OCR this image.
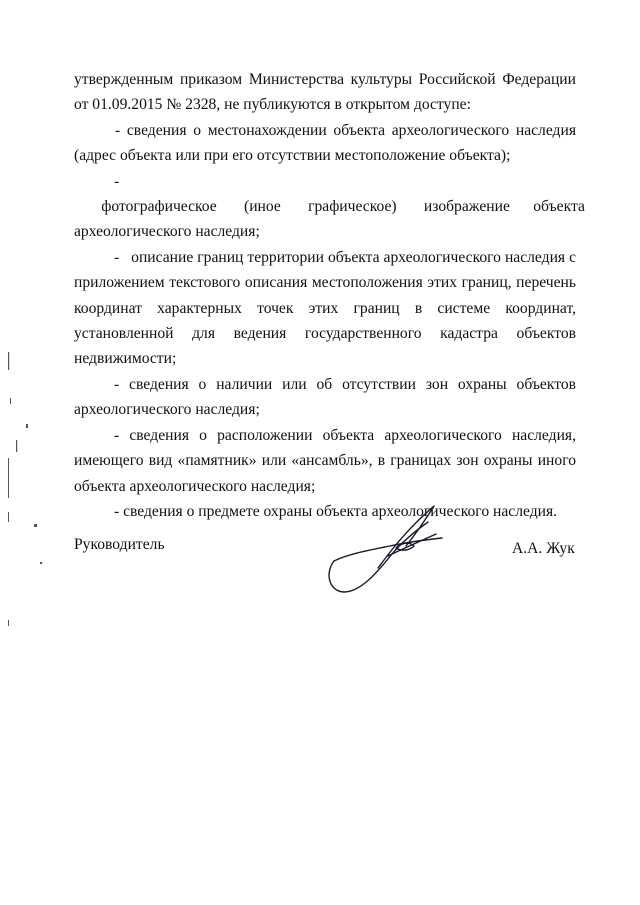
утвержденным приказом Министерства культуры Российской Федерации от 01.09.2015 № 2328, не публикуются в открытом доступе:

- сведения о местонахождении объекта археологического наследия (адрес объекта или при его отсутствии местоположение объекта);

-       фотографическое       (иное       графическое)       изображение      объекта археологического наследия;

-   описание границ территории объекта археологического наследия с приложением текстового описания местоположения этих границ, перечень координат характерных точек этих границ в системе координат, установленной для ведения государственного кадастра объектов недвижимости;

- сведения о наличии или об отсутствии зон охраны объектов археологического наследия;

- сведения о расположении объекта археологического наследия, имеющего вид «памятник» или «ансамбль», в границах зон охраны иного объекта археологического наследия;

- сведения о предмете охраны объекта археологического наследия.

Руководитель	А.А. Жук
